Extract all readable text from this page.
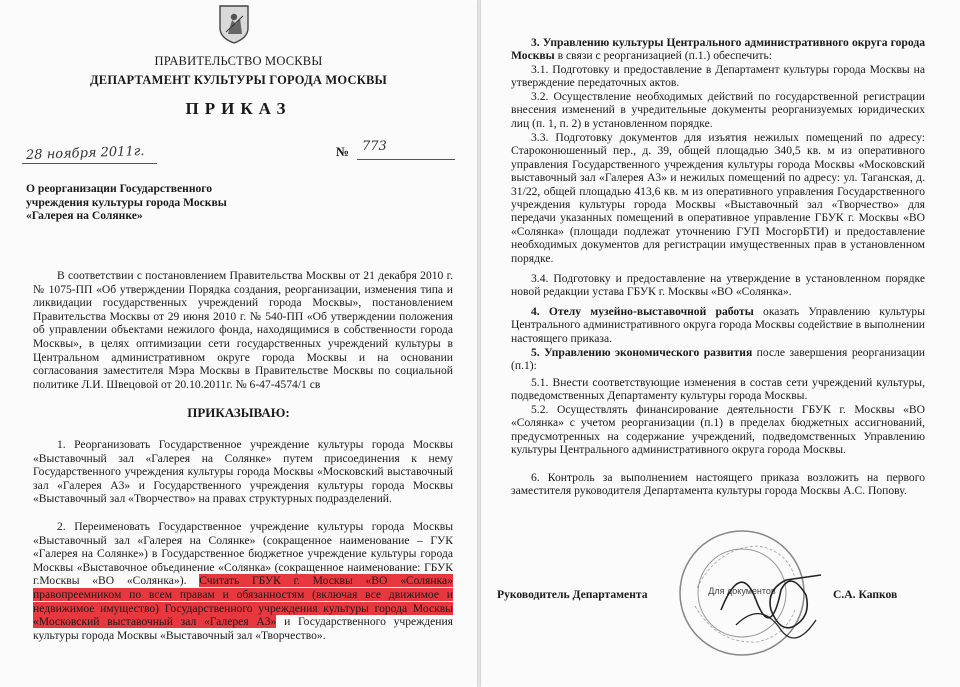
ПРАВИТЕЛЬСТВО МОСКВЫ
ДЕПАРТАМЕНТ КУЛЬТУРЫ ГОРОДА МОСКВЫ
ПРИКАЗ
28 ноября 2011г.	№ 773
О реорганизации Государственного учреждения культуры города Москвы «Галерея на Солянке»

В соответствии с постановлением Правительства Москвы от 21 декабря 2010 г. № 1075-ПП «Об утверждении Порядка создания, реорганизации, изменения типа и ликвидации государственных учреждений города Москвы», постановлением Правительства Москвы от 29 июня 2010 г. № 540-ПП «Об утверждении положения об управлении объектами нежилого фонда, находящимися в собственности города Москвы», в целях оптимизации сети государственных учреждений культуры в Центральном административном округе города Москвы и на основании согласования заместителя Мэра Москвы в Правительстве Москвы по социальной политике Л.И. Швецовой от 20.10.2011г. № 6-47-4574/1 св

ПРИКАЗЫВАЮ:

1. Реорганизовать Государственное учреждение культуры города Москвы «Выставочный зал «Галерея на Солянке» путем присоединения к нему Государственного учреждения культуры города Москвы «Московский выставочный зал «Галерея А3» и Государственного учреждения культуры города Москвы «Выставочный зал «Творчество» на правах структурных подразделений.

2. Переименовать Государственное учреждение культуры города Москвы «Выставочный зал «Галерея на Солянке» (сокращенное наименование – ГУК «Галерея на Солянке») в Государственное бюджетное учреждение культуры города Москвы «Выставочное объединение «Солянка» (сокращенное наименование: ГБУК г.Москвы «ВО «Солянка»). Считать ГБУК г. Москвы «ВО «Солянка» правопреемником по всем правам и обязанностям (включая все движимое и недвижимое имущество) Государственного учреждения культуры города Москвы «Московский выставочный зал «Галерея А3» и Государственного учреждения культуры города Москвы «Выставочный зал «Творчество».

3. Управлению культуры Центрального административного округа города Москвы в связи с реорганизацией (п.1.) обеспечить:

3.1. Подготовку и предоставление в Департамент культуры города Москвы на утверждение передаточных актов.

3.2. Осуществление необходимых действий по государственной регистрации внесения изменений в учредительные документы реорганизуемых юридических лиц (п. 1, п. 2) в установленном порядке.

3.3. Подготовку документов для изъятия нежилых помещений по адресу: Староконюшенный пер., д. 39, общей площадью 340,5 кв. м из оперативного управления Государственного учреждения культуры города Москвы «Московский выставочный зал «Галерея А3» и нежилых помещений по адресу: ул. Таганская, д. 31/22, общей площадью 413,6 кв. м из оперативного управления Государственного учреждения культуры города Москвы «Выставочный зал «Творчество» для передачи указанных помещений в оперативное управление ГБУК г. Москвы «ВО «Солянка» (площади подлежат уточнению ГУП МосгорБТИ) и предоставление необходимых документов для регистрации имущественных прав в установленном порядке.

3.4. Подготовку и предоставление на утверждение в установленном порядке новой редакции устава ГБУК г. Москвы «ВО «Солянка».

4. Отелу музейно-выставочной работы оказать Управлению культуры Центрального административного округа города Москвы содействие в выполнении настоящего приказа.

5. Управлению экономического развития после завершения реорганизации (п.1):

5.1. Внести соответствующие изменения в состав сети учреждений культуры, подведомственных Департаменту культуры города Москвы.

5.2. Осуществлять финансирование деятельности ГБУК г. Москвы «ВО «Солянка» с учетом реорганизации (п.1) в пределах бюджетных ассигнований, предусмотренных на содержание учреждений, подведомственных Управлению культуры Центрального административного округа города Москвы.

6. Контроль за выполнением настоящего приказа возложить на первого заместителя руководителя Департамента культуры города Москвы А.С. Попову.

Руководитель Департамента	С.А. Капков
Для документов
